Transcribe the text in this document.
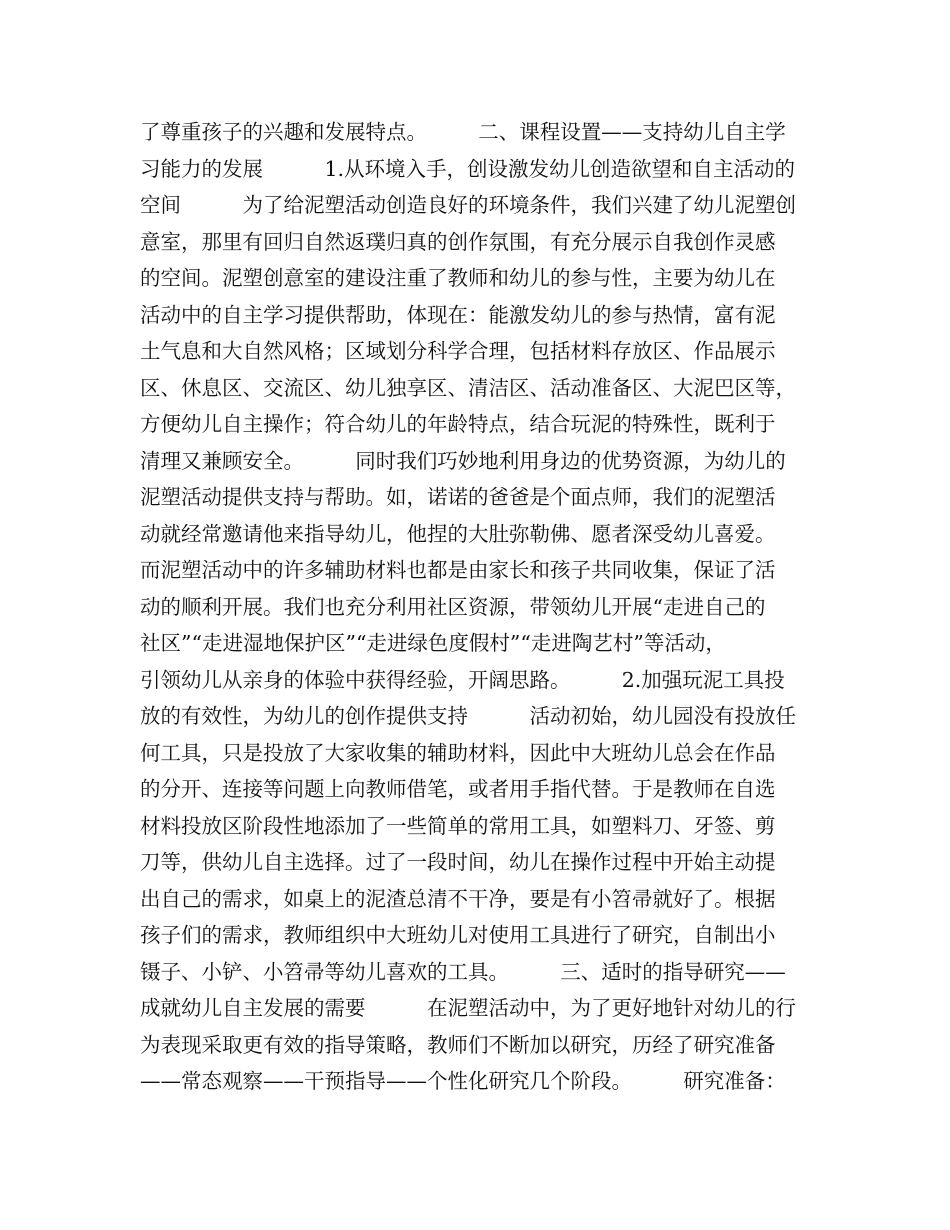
了尊重孩子的兴趣和发展特点。　　　二、课程设置——支持幼儿自主学
习能力的发展　　　1.从环境入手，创设激发幼儿创造欲望和自主活动的
空间　　　为了给泥塑活动创造良好的环境条件，我们兴建了幼儿泥塑创
意室，那里有回归自然返璞归真的创作氛围，有充分展示自我创作灵感
的空间。泥塑创意室的建设注重了教师和幼儿的参与性，主要为幼儿在
活动中的自主学习提供帮助，体现在：能激发幼儿的参与热情，富有泥
土气息和大自然风格；区域划分科学合理，包括材料存放区、作品展示
区、休息区、交流区、幼儿独享区、清洁区、活动准备区、大泥巴区等，
方便幼儿自主操作；符合幼儿的年龄特点，结合玩泥的特殊性，既利于
清理又兼顾安全。　　　同时我们巧妙地利用身边的优势资源，为幼儿的
泥塑活动提供支持与帮助。如，诺诺的爸爸是个面点师，我们的泥塑活
动就经常邀请他来指导幼儿，他捏的大肚弥勒佛、愿者深受幼儿喜爱。
而泥塑活动中的许多辅助材料也都是由家长和孩子共同收集，保证了活
动的顺利开展。我们也充分利用社区资源，带领幼儿开展“走进自己的
社区”“走进湿地保护区”“走进绿色度假村”“走进陶艺村”等活动，
引领幼儿从亲身的体验中获得经验，开阔思路。　　　2.加强玩泥工具投
放的有效性，为幼儿的创作提供支持　　　活动初始，幼儿园没有投放任
何工具，只是投放了大家收集的辅助材料，因此中大班幼儿总会在作品
的分开、连接等问题上向教师借笔，或者用手指代替。于是教师在自选
材料投放区阶段性地添加了一些简单的常用工具，如塑料刀、牙签、剪
刀等，供幼儿自主选择。过了一段时间，幼儿在操作过程中开始主动提
出自己的需求，如桌上的泥渣总清不干净，要是有小笤帚就好了。根据
孩子们的需求，教师组织中大班幼儿对使用工具进行了研究，自制出小
镊子、小铲、小笤帚等幼儿喜欢的工具。　　　三、适时的指导研究——
成就幼儿自主发展的需要　　　在泥塑活动中，为了更好地针对幼儿的行
为表现采取更有效的指导策略，教师们不断加以研究，历经了研究准备
——常态观察——干预指导——个性化研究几个阶段。　　　研究准备：
